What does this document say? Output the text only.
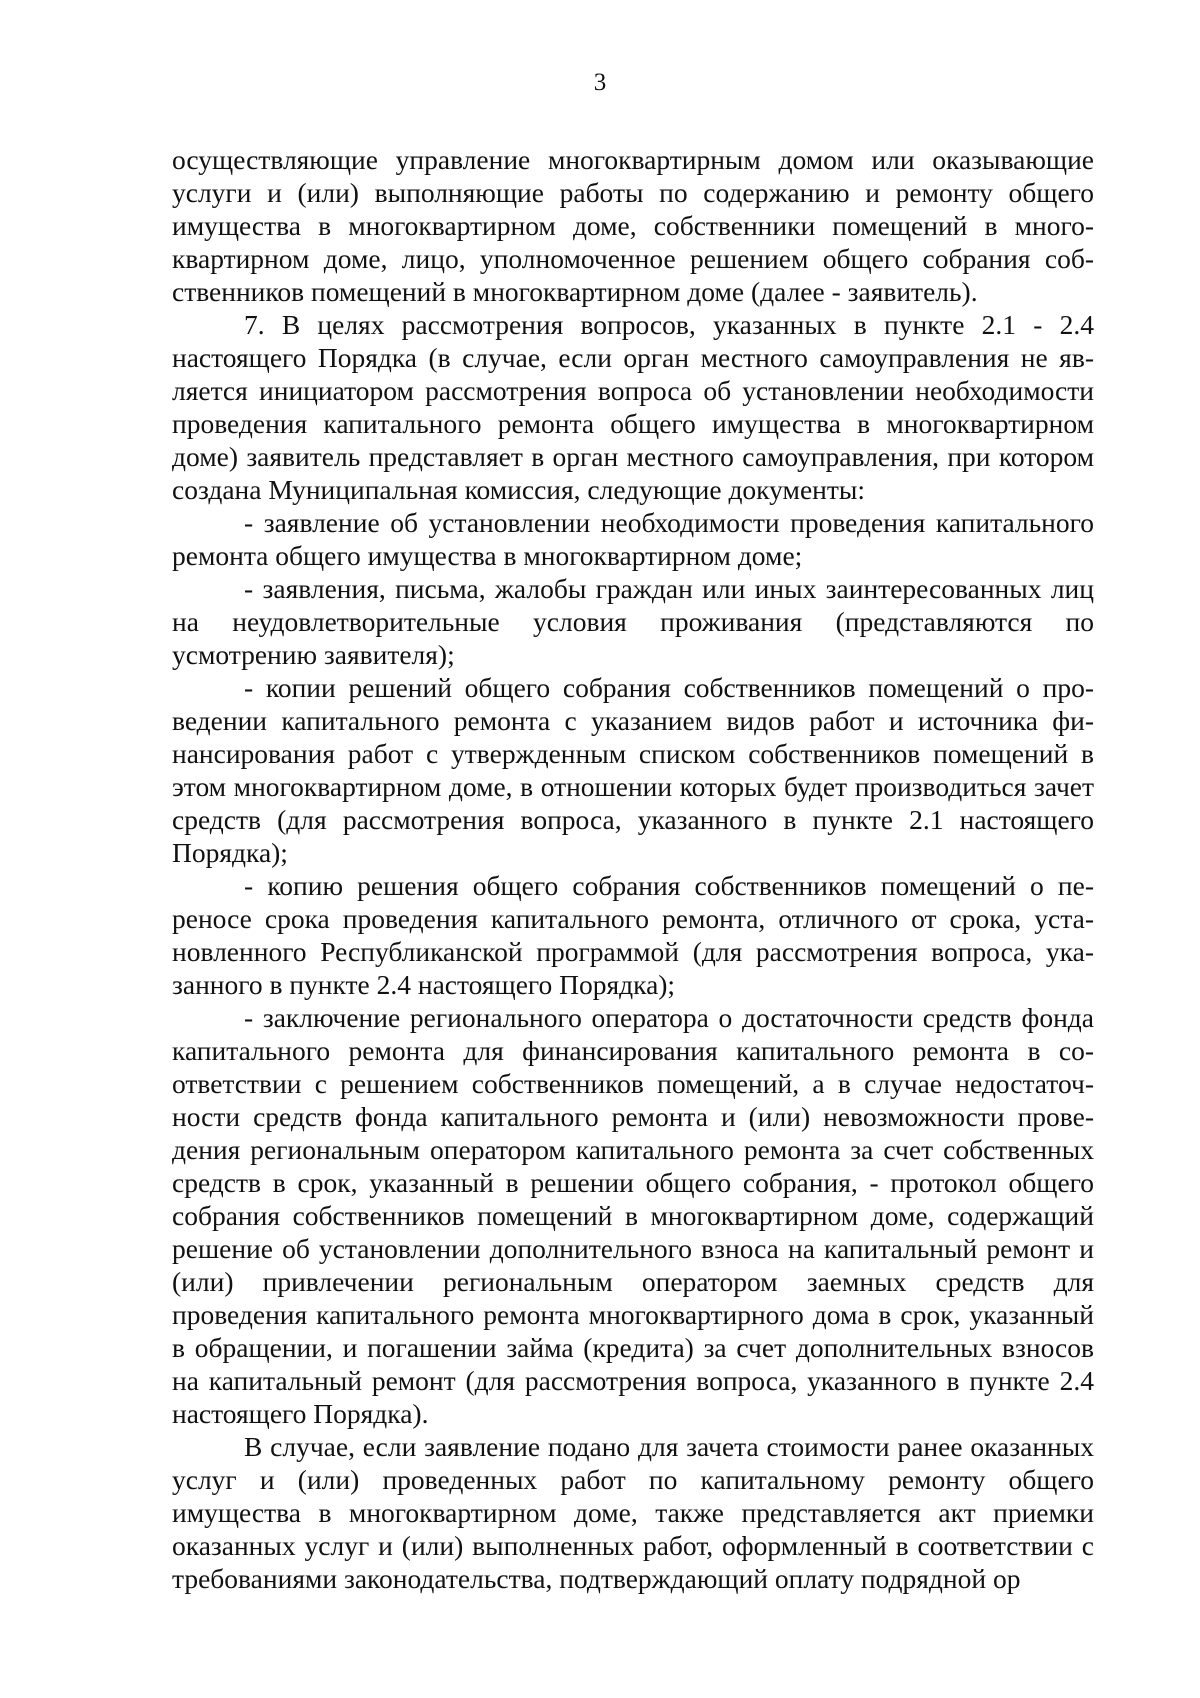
3

осуществляющие управление многоквартирным домом или оказывающие услуги и (или) выполняющие работы по содержанию и ремонту общего имущества в многоквартирном доме, собственники помещений в многоквартирном доме, лицо, уполномоченное решением общего собрания собственников помещений в многоквартирном доме (далее - заявитель).

7. В целях рассмотрения вопросов, указанных в пункте 2.1 - 2.4 настоящего Порядка (в случае, если орган местного самоуправления не является инициатором рассмотрения вопроса об установлении необходимости проведения капитального ремонта общего имущества в многоквартирном доме) заявитель представляет в орган местного самоуправления, при котором создана Муниципальная комиссия, следующие документы:

- заявление об установлении необходимости проведения капитального ремонта общего имущества в многоквартирном доме;

- заявления, письма, жалобы граждан или иных заинтересованных лиц на неудовлетворительные условия проживания (представляются по усмотрению заявителя);

- копии решений общего собрания собственников помещений о проведении капитального ремонта с указанием видов работ и источника финансирования работ с утвержденным списком собственников помещений в этом многоквартирном доме, в отношении которых будет производиться зачет средств (для рассмотрения вопроса, указанного в пункте 2.1 настоящего Порядка);

- копию решения общего собрания собственников помещений о переносе срока проведения капитального ремонта, отличного от срока, установленного Республиканской программой (для рассмотрения вопроса, указанного в пункте 2.4 настоящего Порядка);

- заключение регионального оператора о достаточности средств фонда капитального ремонта для финансирования капитального ремонта в соответствии с решением собственников помещений, а в случае недостаточности средств фонда капитального ремонта и (или) невозможности проведения региональным оператором капитального ремонта за счет собственных средств в срок, указанный в решении общего собрания, - протокол общего собрания собственников помещений в многоквартирном доме, содержащий решение об установлении дополнительного взноса на капитальный ремонт и (или) привлечении региональным оператором заемных средств для проведения капитального ремонта многоквартирного дома в срок, указанный в обращении, и погашении займа (кредита) за счет дополнительных взносов на капитальный ремонт (для рассмотрения вопроса, указанного в пункте 2.4 настоящего Порядка).

В случае, если заявление подано для зачета стоимости ранее оказанных услуг и (или) проведенных работ по капитальному ремонту общего имущества в многоквартирном доме, также представляется акт приемки оказанных услуг и (или) выполненных работ, оформленный в соответствии с требованиями законодательства, подтверждающий оплату подрядной ор
